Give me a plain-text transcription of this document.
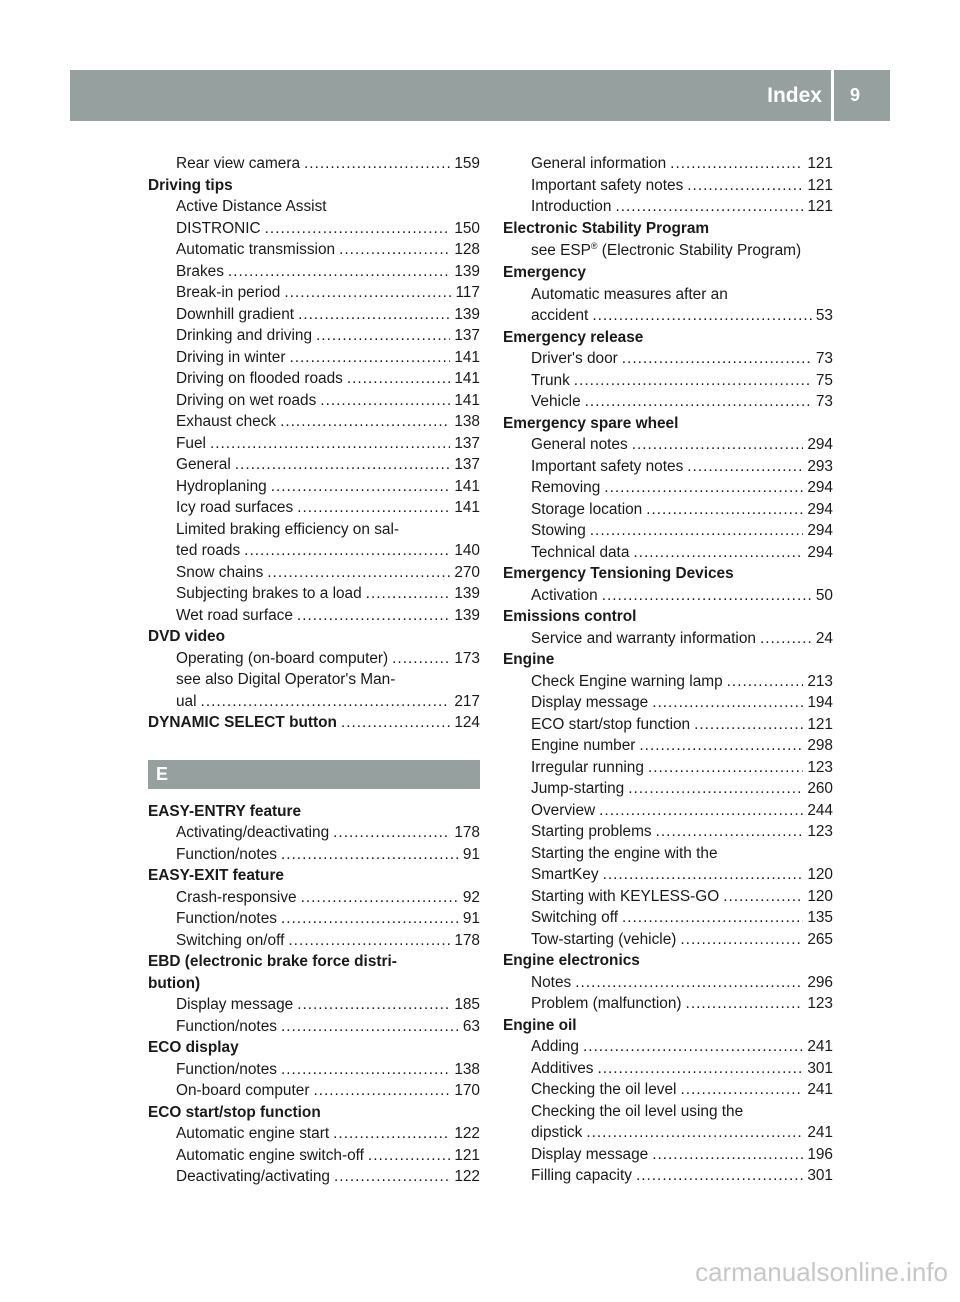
Index	9
Rear view camera .....	159
Driving tips
Active Distance Assist
DISTRONIC .....	150
Automatic transmission .....	128
Brakes .....	139
Break-in period .....	117
Downhill gradient .....	139
Drinking and driving .....	137
Driving in winter .....	141
Driving on flooded roads .....	141
Driving on wet roads .....	141
Exhaust check .....	138
Fuel .....	137
General .....	137
Hydroplaning .....	141
Icy road surfaces .....	141
Limited braking efficiency on sal-
ted roads .....	140
Snow chains .....	270
Subjecting brakes to a load .....	139
Wet road surface .....	139
DVD video
Operating (on-board computer) .....	173
see also Digital Operator's Man-
ual .....	217
DYNAMIC SELECT button .....	124
E
EASY-ENTRY feature
Activating/deactivating .....	178
Function/notes .....	91
EASY-EXIT feature
Crash-responsive .....	92
Function/notes .....	91
Switching on/off .....	178
EBD (electronic brake force distri-
bution)
Display message .....	185
Function/notes .....	63
ECO display
Function/notes .....	138
On-board computer .....	170
ECO start/stop function
Automatic engine start .....	122
Automatic engine switch-off .....	121
Deactivating/activating .....	122
General information .....	121
Important safety notes .....	121
Introduction .....	121
Electronic Stability Program
see ESP® (Electronic Stability Program)
Emergency
Automatic measures after an
accident .....	53
Emergency release
Driver's door .....	73
Trunk .....	75
Vehicle .....	73
Emergency spare wheel
General notes .....	294
Important safety notes .....	293
Removing .....	294
Storage location .....	294
Stowing .....	294
Technical data .....	294
Emergency Tensioning Devices
Activation .....	50
Emissions control
Service and warranty information .....	24
Engine
Check Engine warning lamp .....	213
Display message .....	194
ECO start/stop function .....	121
Engine number .....	298
Irregular running .....	123
Jump-starting .....	260
Overview .....	244
Starting problems .....	123
Starting the engine with the
SmartKey .....	120
Starting with KEYLESS-GO .....	120
Switching off .....	135
Tow-starting (vehicle) .....	265
Engine electronics
Notes .....	296
Problem (malfunction) .....	123
Engine oil
Adding .....	241
Additives .....	301
Checking the oil level .....	241
Checking the oil level using the
dipstick .....	241
Display message .....	196
Filling capacity .....	301
carmanualsonline.info
